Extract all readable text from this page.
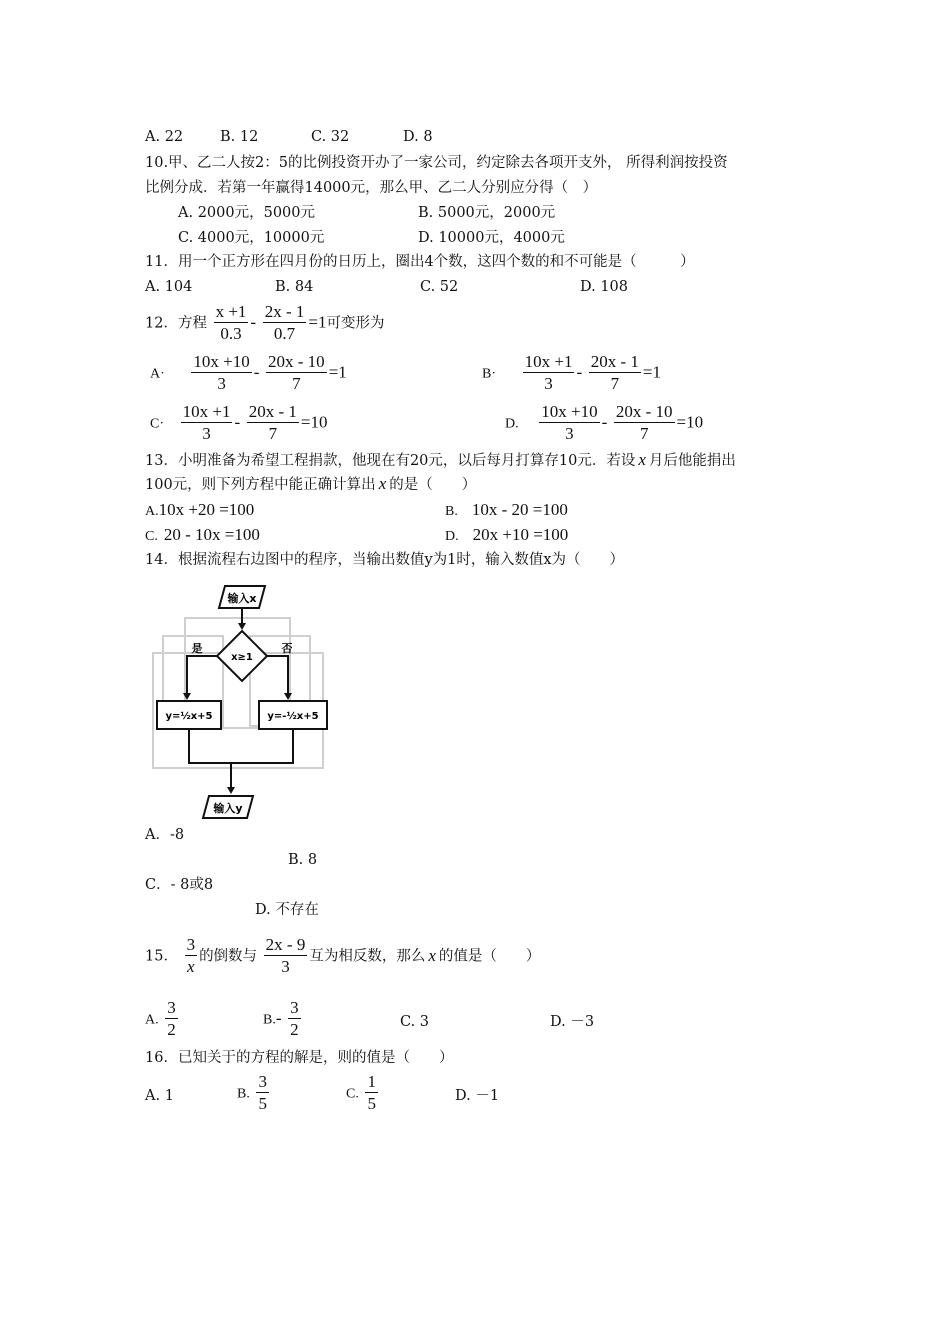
A. 22	B. 12	C. 32	D. 8
10.甲、乙二人按2：5的比例投资开办了一家公司，约定除去各项开支外， 所得利润按投资
比例分成．若第一年赢得14000元，那么甲、乙二人分别应分得（　）
A. 2000元，5000元	B. 5000元，2000元
C. 4000元，10000元	D. 10000元，4000元
11．用一个正方形在四月份的日历上，圈出4个数，这四个数的和不可能是（　　　）
A. 104	B. 84	C. 52	D. 108
12．方程 $\frac{x +1}{0.3} - \frac{2x - 1}{0.7} =1$可变形为
$A\cdot \frac{10x +10}{3} - \frac{20x - 10}{7} =1$	$B\cdot \frac{10x +1}{3} - \frac{20x - 1}{7} =1$
$C\cdot \frac{10x +1}{3} - \frac{20x - 1}{7} =10$	D. $\frac{10x +10}{3} - \frac{20x - 10}{7} =10$
13．小明准备为希望工程捐款，他现在有20元，以后每月打算存10元．若设 x 月后他能捐出
100元，则下列方程中能正确计算出 x 的是（　　）
A.10x +20 =100	B. 10x - 20 =100
C. 20 - 10x =100	D. 20x +10 =100
14．根据流程右边图中的程序，当输出数值y为1时，输入数值x为（　　）
输入x
x≥1
是	否
y=½x+5	y=-½x+5
输入y
A．-8
B. 8
C．- 8或8
D. 不存在
15． $\frac{3}{x}$ 的倒数与 $\frac{2x - 9}{3}$ 互为相反数，那么 x 的值是（　　）
A. $\frac{3}{2}$	$B.- \frac{3}{2}$	C. 3	D. －3
16．已知关于的方程的解是，则的值是（　　）
A. 1	B. $\frac{3}{5}$	C. $\frac{1}{5}$	D. －1
